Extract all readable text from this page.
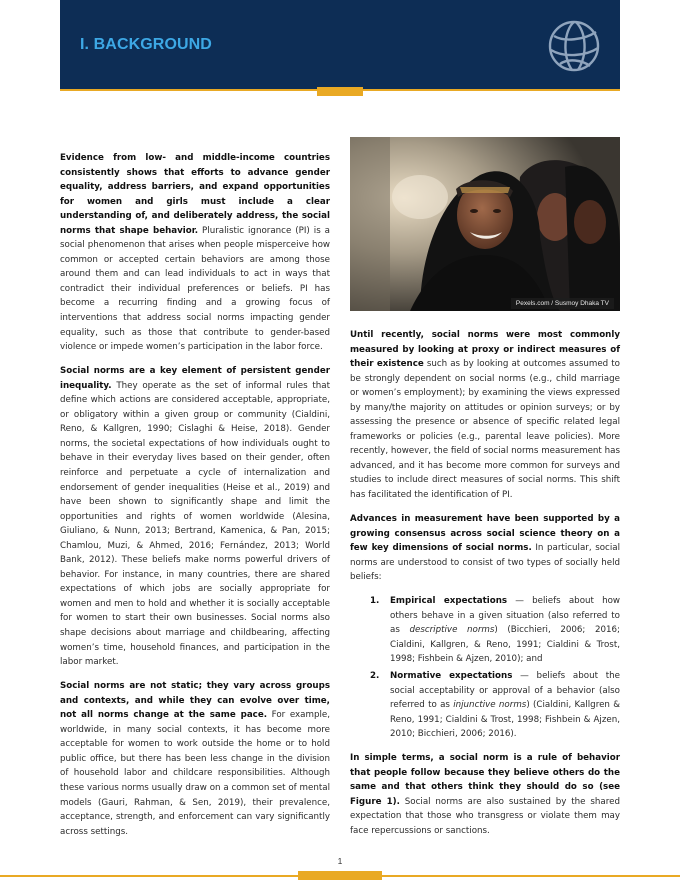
I. BACKGROUND

Evidence from low- and middle-income countries consistently shows that efforts to advance gender equality, address barriers, and expand opportunities for women and girls must include a clear understanding of, and deliberately address, the social norms that shape behavior. Pluralistic ignorance (PI) is a social phenomenon that arises when people misperceive how common or accepted certain behaviors are among those around them and can lead individuals to act in ways that contradict their individual preferences or beliefs. PI has become a recurring finding and a growing focus of interventions that address social norms impacting gender equality, such as those that contribute to gender-based violence or impede women’s participation in the labor force.

Social norms are a key element of persistent gender inequality. They operate as the set of informal rules that define which actions are considered acceptable, appropriate, or obligatory within a given group or community (Cialdini, Reno, & Kallgren, 1990; Cislaghi & Heise, 2018). Gender norms, the societal expectations of how individuals ought to behave in their everyday lives based on their gender, often reinforce and perpetuate a cycle of internalization and endorsement of gender inequalities (Heise et al., 2019) and have been shown to significantly shape and limit the opportunities and rights of women worldwide (Alesina, Giuliano, & Nunn, 2013; Bertrand, Kamenica, & Pan, 2015; Chamlou, Muzi, & Ahmed, 2016; Fernández, 2013; World Bank, 2012). These beliefs make norms powerful drivers of behavior. For instance, in many countries, there are shared expectations of which jobs are socially appropriate for women and men to hold and whether it is socially acceptable for women to start their own businesses. Social norms also shape decisions about marriage and childbearing, affecting women’s time, household finances, and participation in the labor market.

Social norms are not static; they vary across groups and contexts, and while they can evolve over time, not all norms change at the same pace. For example, worldwide, in many social contexts, it has become more acceptable for women to work outside the home or to hold public office, but there has been less change in the division of household labor and childcare responsibilities. Although these various norms usually draw on a common set of mental models (Gauri, Rahman, & Sen, 2019), their prevalence, acceptance, strength, and enforcement can vary significantly across settings.

Pexels.com / Susmoy Dhaka TV

Until recently, social norms were most commonly measured by looking at proxy or indirect measures of their existence such as by looking at outcomes assumed to be strongly dependent on social norms (e.g., child marriage or women’s employment); by examining the views expressed by many/the majority on attitudes or opinion surveys; or by assessing the presence or absence of specific related legal frameworks or policies (e.g., parental leave policies). More recently, however, the field of social norms measurement has advanced, and it has become more common for surveys and studies to include direct measures of social norms. This shift has facilitated the identification of PI.

Advances in measurement have been supported by a growing consensus across social science theory on a few key dimensions of social norms. In particular, social norms are understood to consist of two types of socially held beliefs:

1. Empirical expectations — beliefs about how others behave in a given situation (also referred to as descriptive norms) (Bicchieri, 2006; 2016; Cialdini, Kallgren, & Reno, 1991; Cialdini & Trost, 1998; Fishbein & Ajzen, 2010); and
2. Normative expectations — beliefs about the social acceptability or approval of a behavior (also referred to as injunctive norms) (Cialdini, Kallgren & Reno, 1991; Cialdini & Trost, 1998; Fishbein & Ajzen, 2010; Bicchieri, 2006; 2016).

In simple terms, a social norm is a rule of behavior that people follow because they believe others do the same and that others think they should do so (see Figure 1). Social norms are also sustained by the shared expectation that those who transgress or violate them may face repercussions or sanctions.

1
